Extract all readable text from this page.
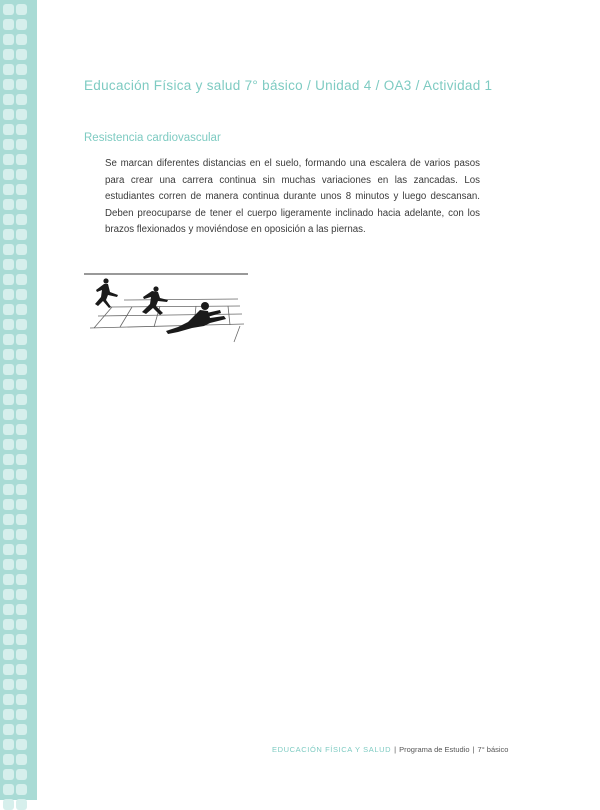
Educación Física y salud 7° básico / Unidad 4 / OA3 / Actividad 1
Resistencia cardiovascular

Se marcan diferentes distancias en el suelo, formando una escalera de varios pasos para crear una carrera continua sin muchas variaciones en las zancadas. Los estudiantes corren de manera continua durante unos 8 minutos y luego descansan. Deben preocuparse de tener el cuerpo ligeramente inclinado hacia adelante, con los brazos flexionados y moviéndose en oposición a las piernas.

EDUCACIÓN FÍSICA Y SALUD | Programa de Estudio | 7° básico
